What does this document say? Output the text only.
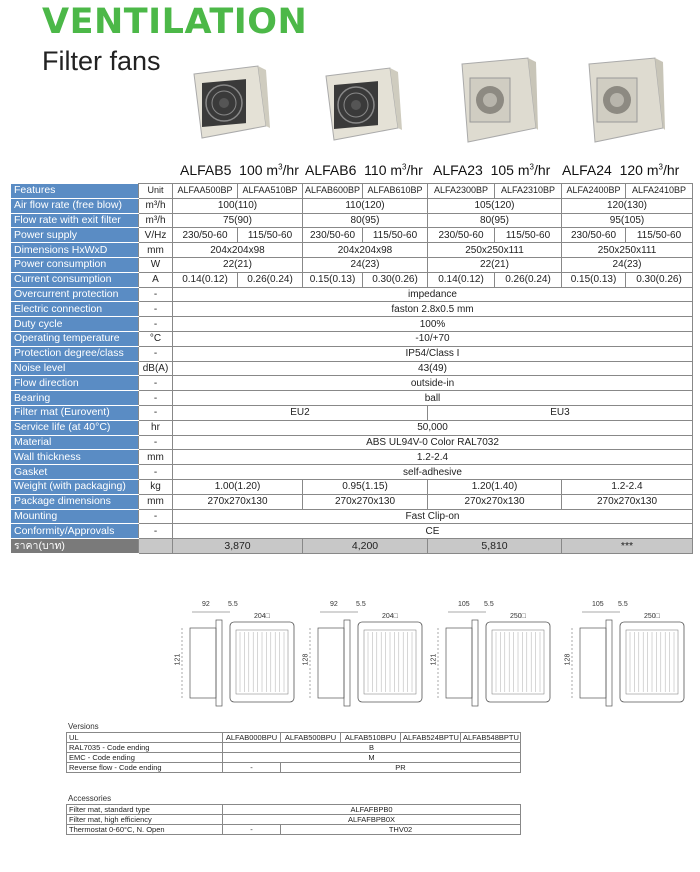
VENTILATION
Filter fans
ALFAB5 100 $m^3/hr$ ALFAB6 110 $m^3/hr$ ALFA23 105 $m^3/hr$ ALFA24 120 $m^3/hr$
Features	Unit	ALFAA500BP	ALFAA510BP	ALFAB600BP	ALFAB610BP	ALFA2300BP	ALFA2310BP	ALFA2400BP	ALFA2410BP
Air flow rate (free blow)	m³/h	100(110)		110(120)		105(120)		120(130)	
Flow rate with exit filter	m³/h	75(90)		80(95)		80(95)		95(105)	
Power supply	V/Hz	230/50-60	115/50-60	230/50-60	115/50-60	230/50-60	115/50-60	230/50-60	115/50-60
Dimensions HxWxD	mm	204x204x98		204x204x98		250x250x111		250x250x111	
Power consumption	W	22(21)		24(23)		22(21)		24(23)	
Current consumption	A	0.14(0.12)	0.26(0.24)	0.15(0.13)	0.30(0.26)	0.14(0.12)	0.26(0.24)	0.15(0.13)	0.30(0.26)
Overcurrent protection	-	impedance							
Electric connection	-	faston 2.8x0.5 mm							
Duty cycle	-	100%							
Operating temperature	°C	-10/+70							
Protection degree/class	-	IP54/Class I							
Noise level	dB(A)	43(49)							
Flow direction	-	outside-in							
Bearing	-	ball							
Filter mat (Eurovent)	-	EU2				EU3			
Service life (at 40°C)	hr	50,000							
Material	-	ABS UL94V-0 Color RAL7032							
Wall thickness	mm	1.2-2.4							
Gasket	-	self-adhesive							
Weight (with packaging)	kg	1.00(1.20)		0.95(1.15)		1.20(1.40)		1.2-2.4	
Package dimensions	mm	270x270x130		270x270x130		270x270x130		270x270x130	
Mounting	-	Fast Clip-on							
Conformity/Approvals	-	CE							
ราคา(บาท)		3,870		4,200		5,810		***	
92	5.5
204□
121
92	5.5
204□
128
105 5.5
250□
121
105 5.5
250□
128
Versions
UL	ALFAB000BPU	ALFAB500BPU	ALFAB510BPU	ALFAB524BPTU	ALFAB548BPTU
RAL7035 - Code ending	B				
EMC - Code ending	M				
Reverse flow - Code ending	-	PR			
Accessories
Filter mat, standard type	ALFAFBPB0	
Filter mat, high efficiency	ALFAFBPB0X	
Thermostat 0-60°C, N. Open	-	THV02
